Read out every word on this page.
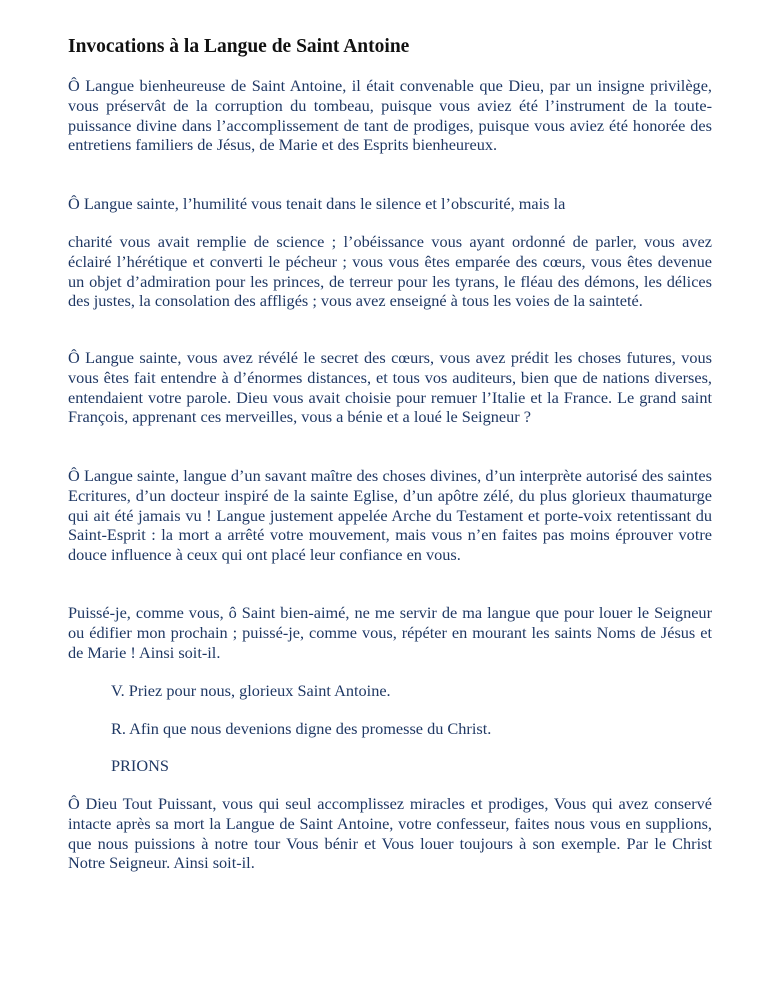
Invocations à la Langue de Saint Antoine

Ô Langue bienheureuse de Saint Antoine, il était convenable que Dieu, par un insigne privilège, vous préservât de la corruption du tombeau, puisque vous aviez été l’instrument de la toute-puissance divine dans l’accomplissement de tant de prodiges, puisque vous aviez été honorée des entretiens familiers de Jésus, de Marie et des Esprits bienheureux.

Ô Langue sainte, l’humilité vous tenait dans le silence et l’obscurité, mais la

charité vous avait remplie de science ; l’obéissance vous ayant ordonné de parler, vous avez éclairé l’hérétique et converti le pécheur ; vous vous êtes emparée des cœurs, vous êtes devenue un objet d’admiration pour les princes, de terreur pour les tyrans, le fléau des démons, les délices des justes, la consolation des affligés ; vous avez enseigné à tous les voies de la sainteté.

Ô Langue sainte, vous avez révélé le secret des cœurs, vous avez prédit les choses futures, vous vous êtes fait entendre à d’énormes distances, et tous vos auditeurs, bien que de nations diverses, entendaient votre parole. Dieu vous avait choisie pour remuer l’Italie et la France. Le grand saint François, apprenant ces merveilles, vous a bénie et a loué le Seigneur ?

Ô Langue sainte, langue d’un savant maître des choses divines, d’un interprète autorisé des saintes Ecritures, d’un docteur inspiré de la sainte Eglise, d’un apôtre zélé, du plus glorieux thaumaturge qui ait été jamais vu ! Langue justement appelée Arche du Testament et porte-voix retentissant du Saint-Esprit : la mort a arrêté votre mouvement, mais vous n’en faites pas moins éprouver votre douce influence à ceux qui ont placé leur confiance en vous.

Puissé-je, comme vous, ô Saint bien-aimé, ne me servir de ma langue que pour louer le Seigneur ou édifier mon prochain ; puissé-je, comme vous, répéter en mourant les saints Noms de Jésus et de Marie ! Ainsi soit-il.

V. Priez pour nous, glorieux Saint Antoine.

R. Afin que nous devenions digne des promesse du Christ.

PRIONS

Ô Dieu Tout Puissant, vous qui seul accomplissez miracles et prodiges, Vous qui avez conservé intacte après sa mort la Langue de Saint Antoine, votre confesseur, faites nous vous en supplions, que nous puissions à notre tour Vous bénir et Vous louer toujours à son exemple. Par le Christ Notre Seigneur. Ainsi soit-il.
